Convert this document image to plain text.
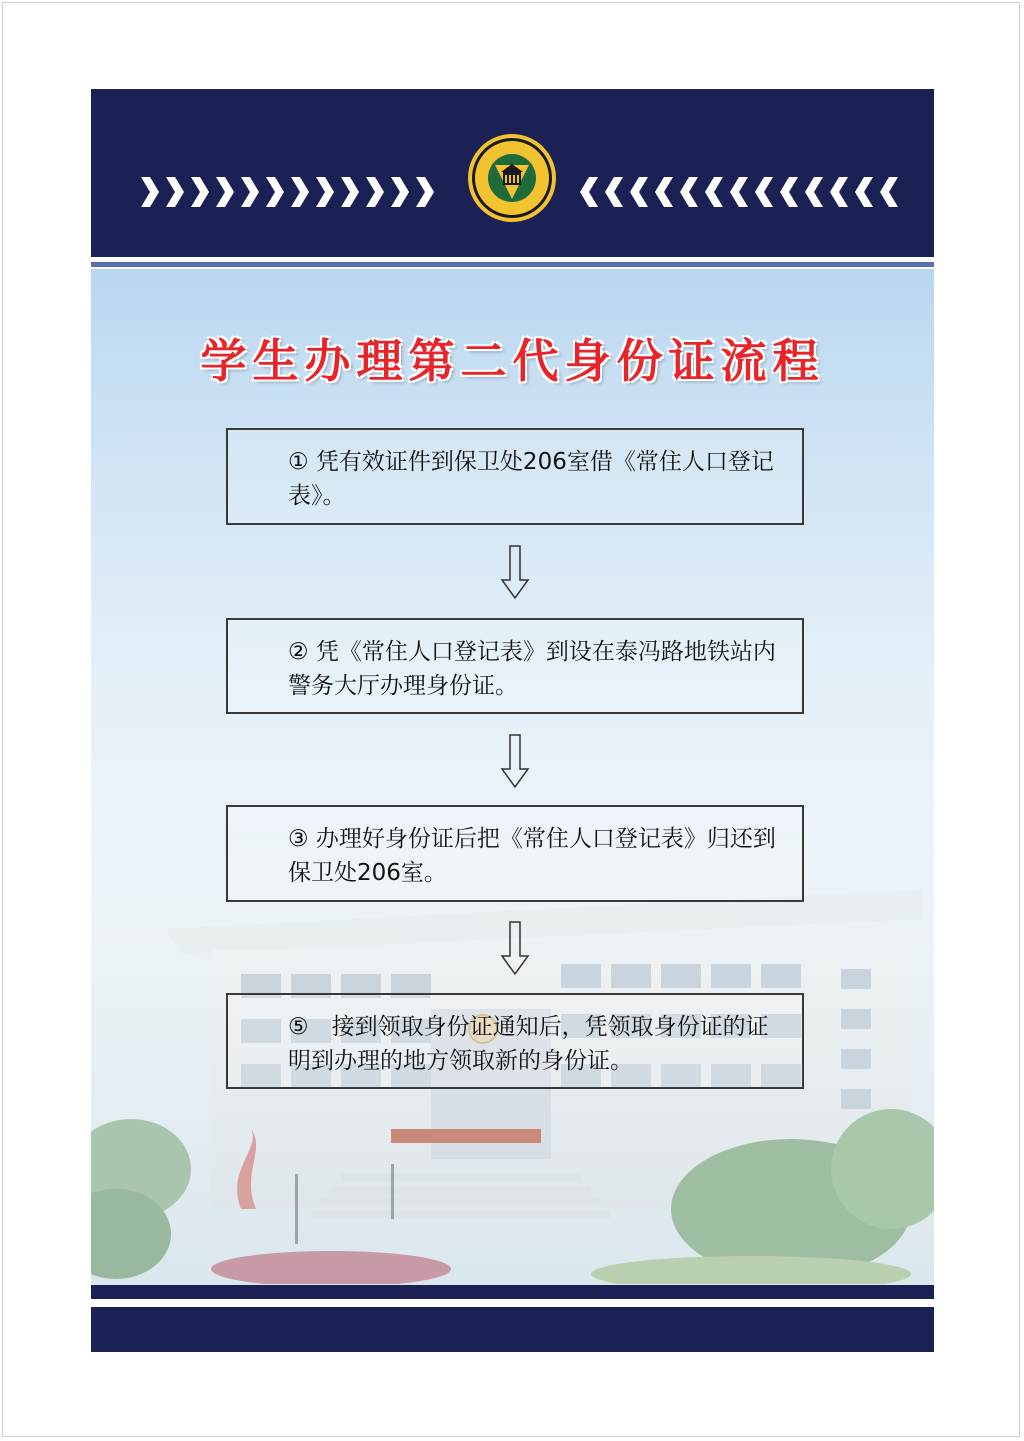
学生办理第二代身份证流程
① 凭有效证件到保卫处206室借《常住人口登记表》。
② 凭《常住人口登记表》到设在泰冯路地铁站内警务大厅办理身份证。
③ 办理好身份证后把《常住人口登记表》归还到保卫处206室。
⑤　接到领取身份证通知后，凭领取身份证的证明到办理的地方领取新的身份证。
